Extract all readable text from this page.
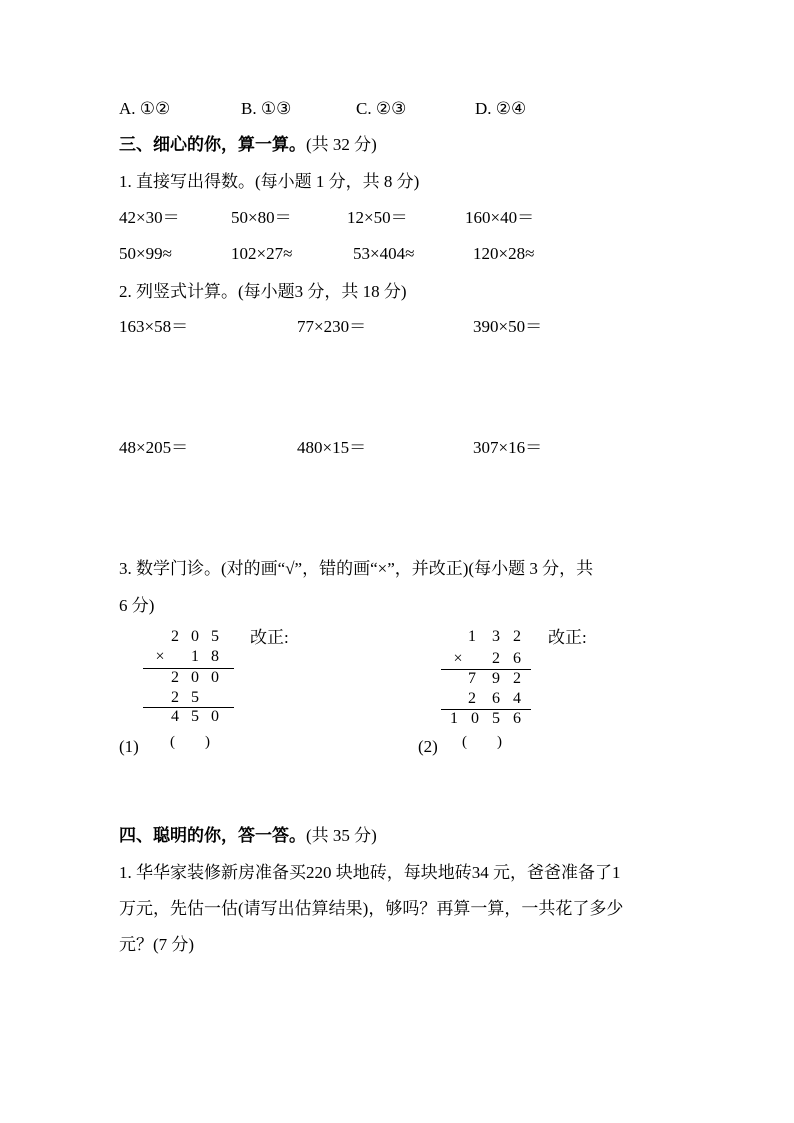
A. ①②	B. ①③	C. ②③	D. ②④
三、细心的你，算一算。(共 32 分)
1. 直接写出得数。(每小题 1 分，共 8 分)
42×30＝	50×80＝	12×50＝	160×40＝
50×99≈	102×27≈	53×404≈	120×28≈
2. 列竖式计算。(每小题3 分，共 18 分)
163×58＝	77×230＝	390×50＝
48×205＝	480×15＝	307×16＝
3. 数学门诊。(对的画“√”，错的画“×”，并改正)(每小题 3 分，共
6 分)
2 0 5
× 1 8
2 0 0
2 5
4 5 0
改正:
(1) (　　)
1 3 2
× 2 6
7 9 2
2 6 4
1 0 5 6
改正:
(2) (　　)
四、聪明的你，答一答。(共 35 分)
1. 华华家装修新房准备买220 块地砖，每块地砖34 元，爸爸准备了1
万元，先估一估(请写出估算结果)，够吗？再算一算，一共花了多少
元？(7 分)
